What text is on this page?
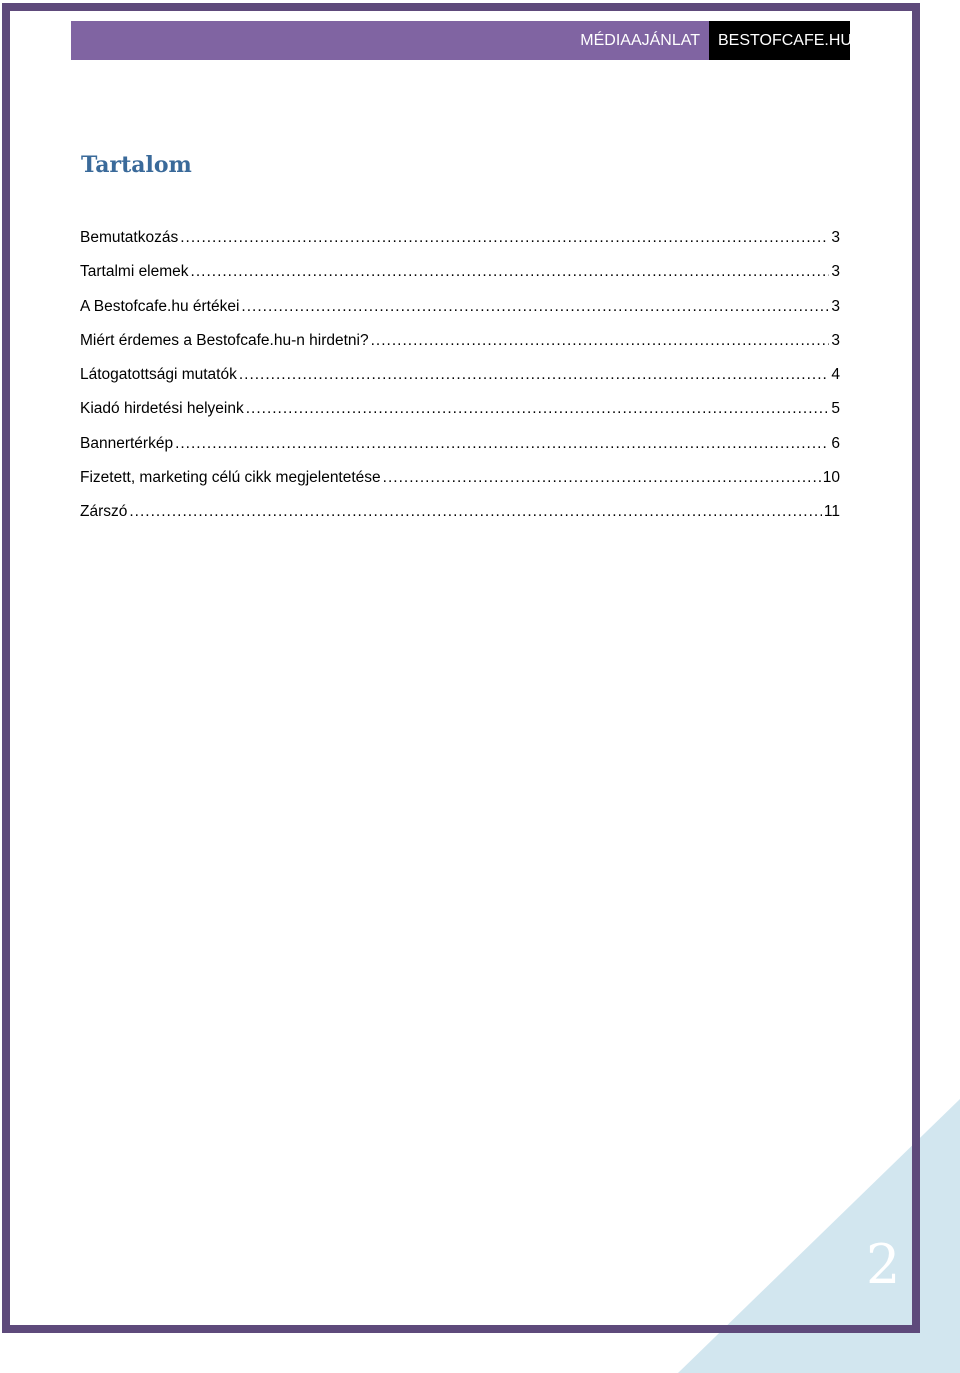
MÉDIAAJÁNLAT	BESTOFCAFE.HU
Tartalom
Bemutatkozás .....	3
Tartalmi elemek .....	3
A Bestofcafe.hu értékei .....	3
Miért érdemes a Bestofcafe.hu-n hirdetni? .....	3
Látogatottsági mutatók .....	4
Kiadó hirdetési helyeink .....	5
Bannertérkép .....	6
Fizetett, marketing célú cikk megjelentetése .....	10
Zárszó .....	11
2
